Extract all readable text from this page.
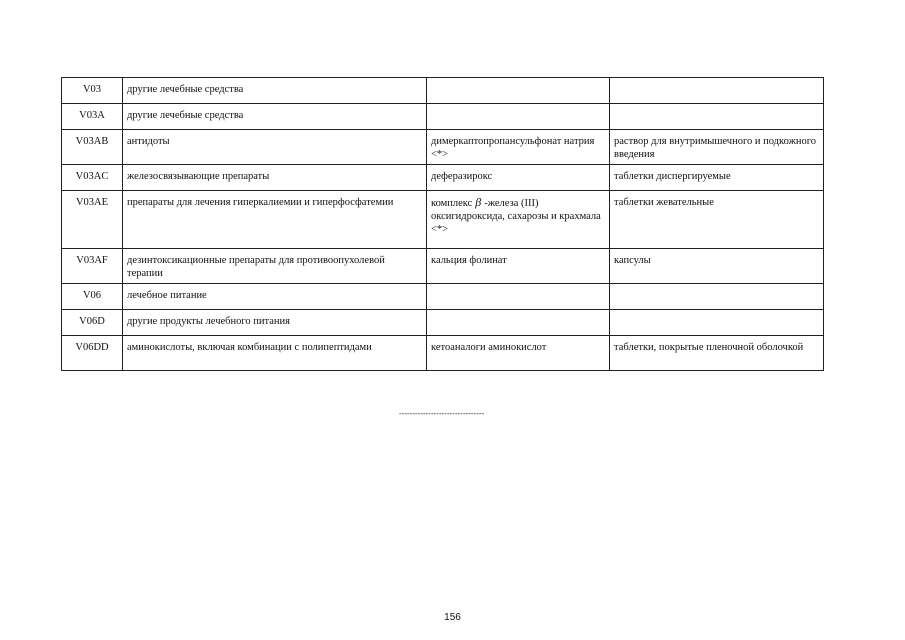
V03	другие лечебные средства		
V03A	другие лечебные средства		
V03AB	антидоты	димеркаптопропансульфонат натрия <*>	раствор для внутримышечного и подкожного введения
V03AC	железосвязывающие препараты	деферазирокс	таблетки диспергируемые
V03AE	препараты для лечения гиперкалиемии и гиперфосфатемии	комплекс β -железа (III) оксигидроксида, сахарозы и крахмала <*>	таблетки жевательные
V03AF	дезинтоксикационные препараты для противоопухолевой терапии	кальция фолинат	капсулы
V06	лечебное питание		
V06D	другие продукты лечебного питания		
V06DD	аминокислоты, включая комбинации с полипептидами	кетоаналоги аминокислот	таблетки, покрытые пленочной оболочкой
--------------------------------
156
